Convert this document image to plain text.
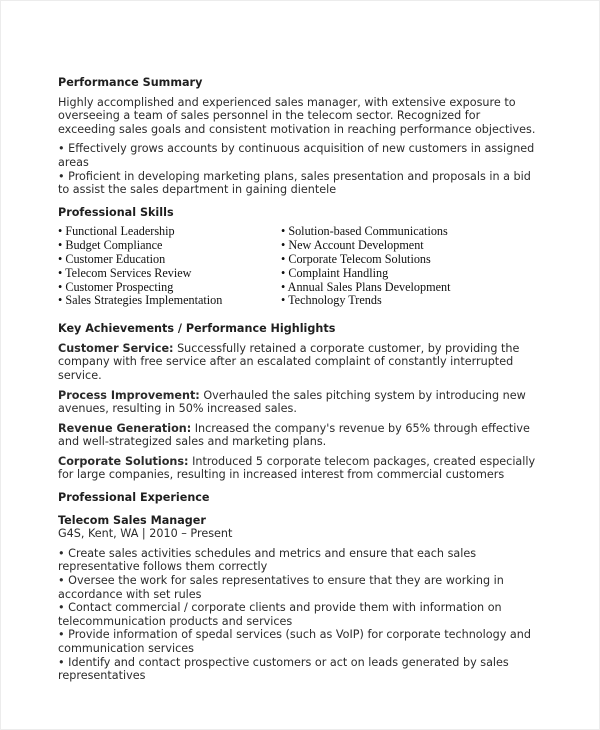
Performance Summary

Highly accomplished and experienced sales manager, with extensive exposure to overseeing a team of sales personnel in the telecom sector. Recognized for exceeding sales goals and consistent motivation in reaching performance objectives.

• Effectively grows accounts by continuous acquisition of new customers in assigned areas

• Proficient in developing marketing plans, sales presentation and proposals in a bid to assist the sales department in gaining dientele

Professional Skills
• Functional Leadership
• Budget Compliance
• Customer Education
• Telecom Services Review
• Customer Prospecting
• Sales Strategies Implementation
• Solution-based Communications
• New Account Development
• Corporate Telecom Solutions
• Complaint Handling
• Annual Sales Plans Development
• Technology Trends
Key Achievements / Performance Highlights

Customer Service: Successfully retained a corporate customer, by providing the company with free service after an escalated complaint of constantly interrupted service.

Process Improvement: Overhauled the sales pitching system by introducing new avenues, resulting in 50% increased sales.

Revenue Generation: Increased the company's revenue by 65% through effective and well-strategized sales and marketing plans.

Corporate Solutions: Introduced 5 corporate telecom packages, created especially for large companies, resulting in increased interest from commercial customers

Professional Experience
Telecom Sales Manager

G4S, Kent, WA | 2010 – Present

• Create sales activities schedules and metrics and ensure that each sales representative follows them correctly

• Oversee the work for sales representatives to ensure that they are working in accordance with set rules

• Contact commercial / corporate clients and provide them with information on telecommunication products and services

• Provide information of spedal services (such as VoIP) for corporate technology and communication services

• Identify and contact prospective customers or act on leads generated by sales representatives
